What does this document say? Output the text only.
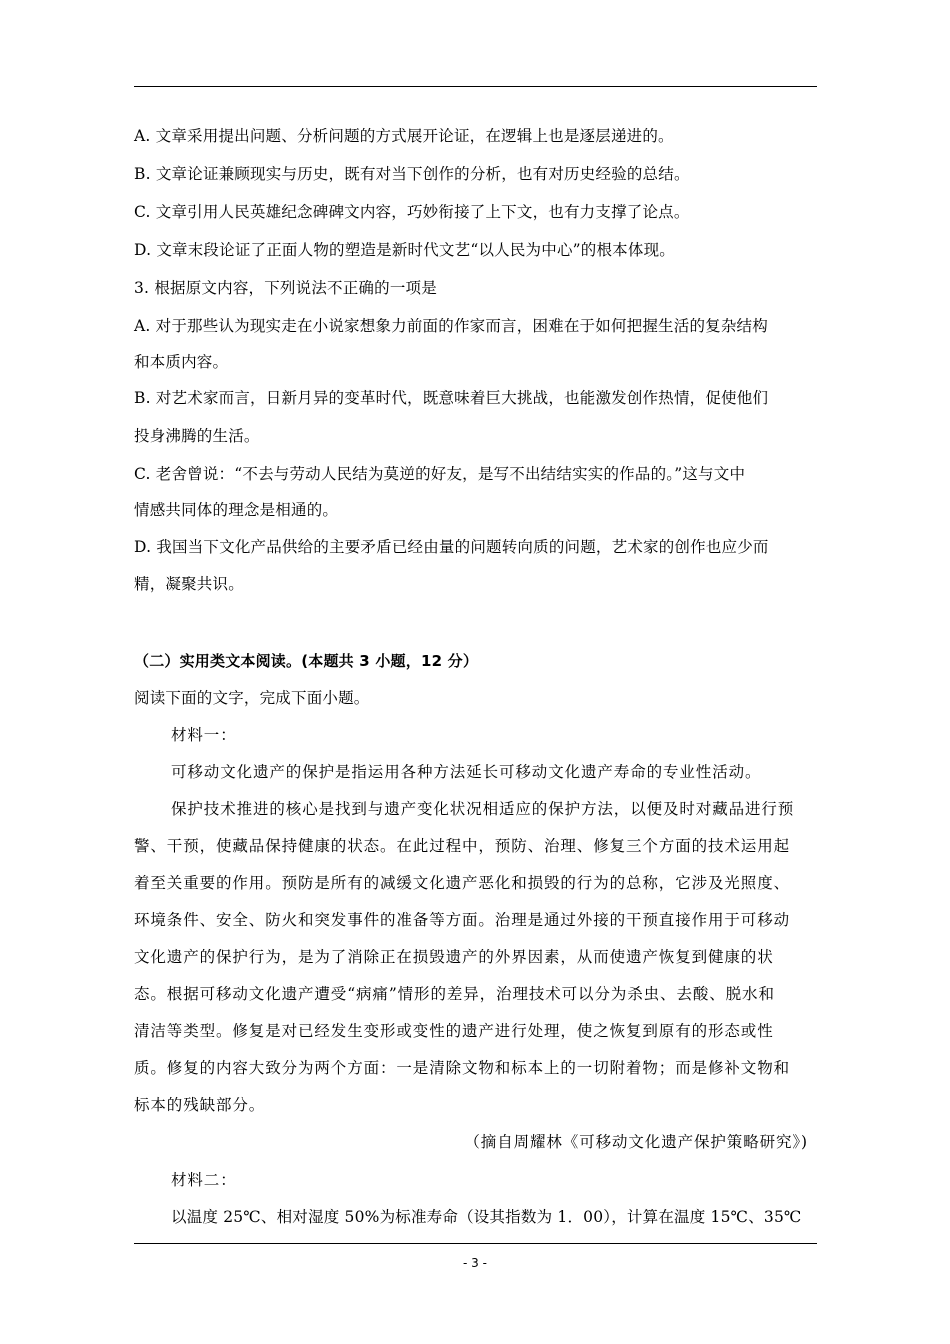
A. 文章采用提出问题、分析问题的方式展开论证，在逻辑上也是逐层递进的。
B. 文章论证兼顾现实与历史，既有对当下创作的分析，也有对历史经验的总结。
C. 文章引用人民英雄纪念碑碑文内容，巧妙衔接了上下文，也有力支撑了论点。
D. 文章末段论证了正面人物的塑造是新时代文艺“以人民为中心”的根本体现。
3. 根据原文内容，下列说法不正确的一项是
A. 对于那些认为现实走在小说家想象力前面的作家而言，困难在于如何把握生活的复杂结构
和本质内容。
B. 对艺术家而言，日新月异的变革时代，既意味着巨大挑战，也能激发创作热情，促使他们
投身沸腾的生活。
C. 老舍曾说：“不去与劳动人民结为莫逆的好友，是写不出结结实实的作品的。”这与文中
情感共同体的理念是相通的。
D. 我国当下文化产品供给的主要矛盾已经由量的问题转向质的问题，艺术家的创作也应少而
精，凝聚共识。
（二）实用类文本阅读。(本题共 3 小题，12 分）
阅读下面的文字，完成下面小题。
材料一：
可移动文化遗产的保护是指运用各种方法延长可移动文化遗产寿命的专业性活动。
保护技术推进的核心是找到与遗产变化状况相适应的保护方法，以便及时对藏品进行预
警、干预，使藏品保持健康的状态。在此过程中，预防、治理、修复三个方面的技术运用起
着至关重要的作用。预防是所有的减缓文化遗产恶化和损毁的行为的总称，它涉及光照度、
环境条件、安全、防火和突发事件的准备等方面。治理是通过外接的干预直接作用于可移动
文化遗产的保护行为，是为了消除正在损毁遗产的外界因素，从而使遗产恢复到健康的状
态。根据可移动文化遗产遭受“病痛”情形的差异，治理技术可以分为杀虫、去酸、脱水和
清洁等类型。修复是对已经发生变形或变性的遗产进行处理，使之恢复到原有的形态或性
质。修复的内容大致分为两个方面：一是清除文物和标本上的一切附着物；而是修补文物和
标本的残缺部分。
（摘自周耀林《可移动文化遗产保护策略研究》)
材料二：
以温度 25℃、相对湿度 50%为标准寿命（设其指数为 1．00），计算在温度 15℃、35℃
- 3 -
